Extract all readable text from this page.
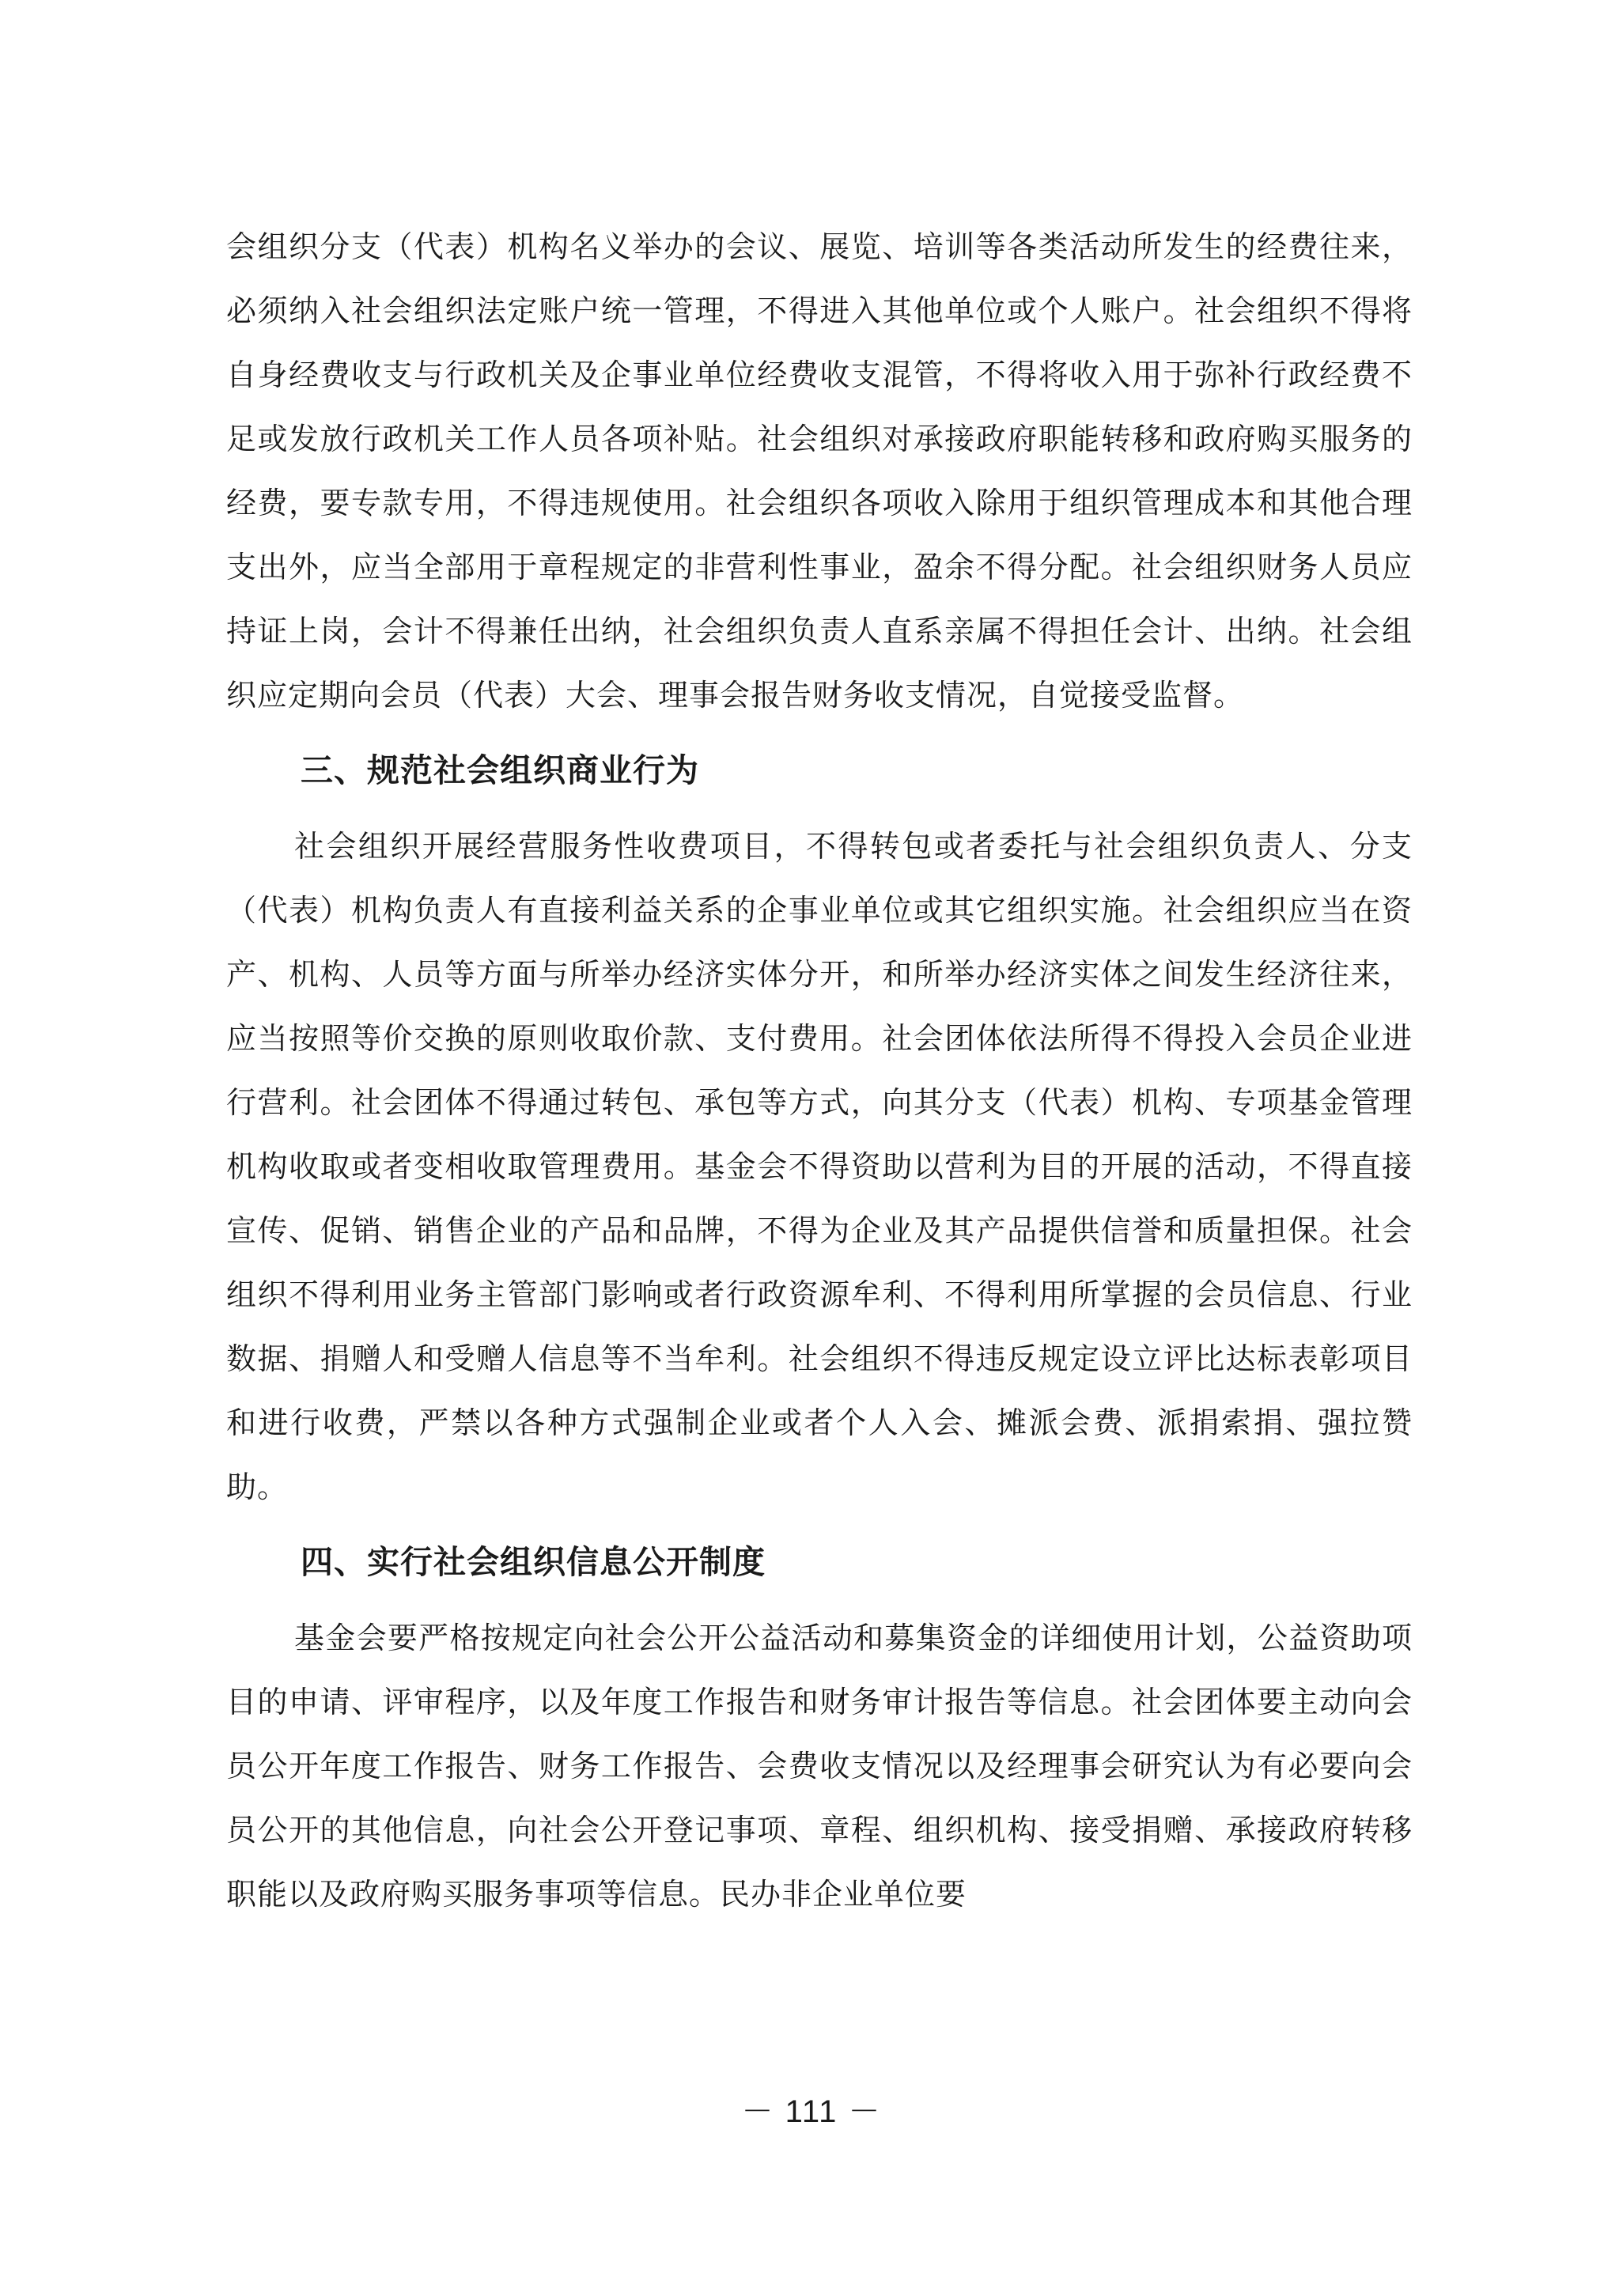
会组织分支（代表）机构名义举办的会议、展览、培训等各类活动所发生的经费往来，必须纳入社会组织法定账户统一管理，不得进入其他单位或个人账户。社会组织不得将自身经费收支与行政机关及企事业单位经费收支混管，不得将收入用于弥补行政经费不足或发放行政机关工作人员各项补贴。社会组织对承接政府职能转移和政府购买服务的经费，要专款专用，不得违规使用。社会组织各项收入除用于组织管理成本和其他合理支出外，应当全部用于章程规定的非营利性事业，盈余不得分配。社会组织财务人员应持证上岗，会计不得兼任出纳，社会组织负责人直系亲属不得担任会计、出纳。社会组织应定期向会员（代表）大会、理事会报告财务收支情况，自觉接受监督。

三、规范社会组织商业行为

社会组织开展经营服务性收费项目，不得转包或者委托与社会组织负责人、分支（代表）机构负责人有直接利益关系的企事业单位或其它组织实施。社会组织应当在资产、机构、人员等方面与所举办经济实体分开，和所举办经济实体之间发生经济往来，应当按照等价交换的原则收取价款、支付费用。社会团体依法所得不得投入会员企业进行营利。社会团体不得通过转包、承包等方式，向其分支（代表）机构、专项基金管理机构收取或者变相收取管理费用。基金会不得资助以营利为目的开展的活动，不得直接宣传、促销、销售企业的产品和品牌，不得为企业及其产品提供信誉和质量担保。社会组织不得利用业务主管部门影响或者行政资源牟利、不得利用所掌握的会员信息、行业数据、捐赠人和受赠人信息等不当牟利。社会组织不得违反规定设立评比达标表彰项目和进行收费，严禁以各种方式强制企业或者个人入会、摊派会费、派捐索捐、强拉赞助。

四、实行社会组织信息公开制度

基金会要严格按规定向社会公开公益活动和募集资金的详细使用计划，公益资助项目的申请、评审程序，以及年度工作报告和财务审计报告等信息。社会团体要主动向会员公开年度工作报告、财务工作报告、会费收支情况以及经理事会研究认为有必要向会员公开的其他信息，向社会公开登记事项、章程、组织机构、接受捐赠、承接政府转移职能以及政府购买服务事项等信息。民办非企业单位要

－ 111 －
